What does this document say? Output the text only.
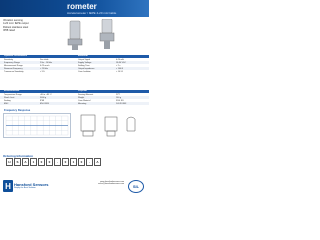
rometer
Accelerometer / IEPE 4-20 mA Cable
Vibration sensing
4-20 mA / IEPE output
Robust stainless steel
IP68 rated
Dynamic Performance	Electrical
Sensitivity	See table	Output Signal	4-20 mA
Frequency Range	2 Hz - 10 kHz	Supply Voltage	18-30 VDC
Measurement Range	0-25 mm/s	Settling Time	< 2 s
Resonant Frequency	> 25 kHz	Output Impedance	< 100 Ω
Transverse Sensitivity	< 5%	Case Isolation	> 10⁸ Ω
Environmental	Physical
Temperature Range	-40 to +85 °C	Sensing Element	PZT
Shock Limit	5000 g	Weight	160 g
Sealing	IP68	Case Material	316L SS
EMC	EN 61326	Mounting	1/4-28 UNF
Frequency Response
Ordering Information
H	S	A	1	0	0	-	0	1	0	-	A
H Hansford Sensors
Simply the Best Solution
www.hansfordsensors.com
sales@hansfordsensors.com	SIL
